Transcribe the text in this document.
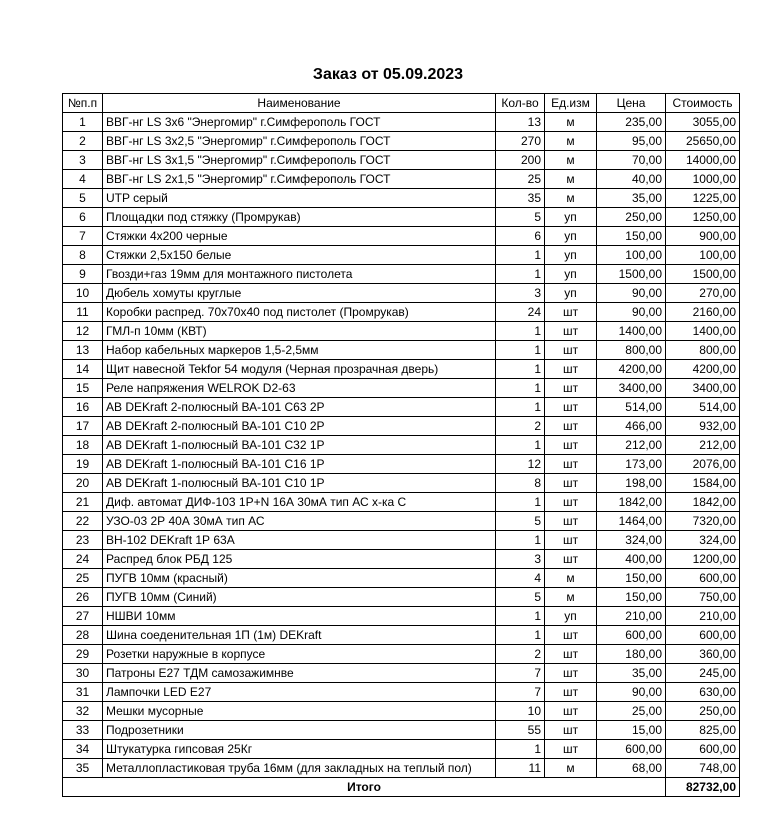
Заказ от 05.09.2023
№п.п	Наименование	Кол-во	Ед.изм	Цена	Стоимость
1	ВВГ-нг LS 3х6 "Энергомир" г.Симферополь ГОСТ	13	м	235,00	3055,00
2	ВВГ-нг LS 3х2,5 "Энергомир" г.Симферополь ГОСТ	270	м	95,00	25650,00
3	ВВГ-нг LS 3х1,5 "Энергомир" г.Симферополь ГОСТ	200	м	70,00	14000,00
4	ВВГ-нг LS 2х1,5 "Энергомир" г.Симферополь ГОСТ	25	м	40,00	1000,00
5	UTP серый	35	м	35,00	1225,00
6	Площадки под стяжку (Промрукав)	5	уп	250,00	1250,00
7	Стяжки 4х200 черные	6	уп	150,00	900,00
8	Стяжки 2,5х150 белые	1	уп	100,00	100,00
9	Гвозди+газ 19мм для монтажного пистолета	1	уп	1500,00	1500,00
10	Дюбель хомуты круглые	3	уп	90,00	270,00
11	Коробки распред. 70х70х40 под пистолет (Промрукав)	24	шт	90,00	2160,00
12	ГМЛ-п 10мм (КВТ)	1	шт	1400,00	1400,00
13	Набор кабельных маркеров 1,5-2,5мм	1	шт	800,00	800,00
14	Щит навесной Tekfor 54 модуля (Черная прозрачная дверь)	1	шт	4200,00	4200,00
15	Реле напряжения WELROK D2-63	1	шт	3400,00	3400,00
16	АВ DEKraft 2-полюсный ВА-101 С63 2Р	1	шт	514,00	514,00
17	АВ DEKraft 2-полюсный ВА-101 С10 2Р	2	шт	466,00	932,00
18	АВ DEKraft 1-полюсный ВА-101 С32 1Р	1	шт	212,00	212,00
19	АВ DEKraft 1-полюсный ВА-101 С16 1Р	12	шт	173,00	2076,00
20	АВ DEKraft 1-полюсный ВА-101 С10 1Р	8	шт	198,00	1584,00
21	Диф. автомат ДИФ-103 1Р+N 16А 30мА тип АС х-ка С	1	шт	1842,00	1842,00
22	УЗО-03 2Р 40А 30мА тип АС	5	шт	1464,00	7320,00
23	ВН-102 DEKraft 1Р 63А	1	шт	324,00	324,00
24	Распред блок РБД 125	3	шт	400,00	1200,00
25	ПУГВ 10мм (красный)	4	м	150,00	600,00
26	ПУГВ 10мм (Синий)	5	м	150,00	750,00
27	НШВИ 10мм	1	уп	210,00	210,00
28	Шина соеденительная 1П (1м) DEKraft	1	шт	600,00	600,00
29	Розетки наружные в корпусе	2	шт	180,00	360,00
30	Патроны Е27 ТДМ самозажимнве	7	шт	35,00	245,00
31	Лампочки LED E27	7	шт	90,00	630,00
32	Мешки мусорные	10	шт	25,00	250,00
33	Подрозетники	55	шт	15,00	825,00
34	Штукатурка гипсовая 25Кг	1	шт	600,00	600,00
35	Металлопластиковая труба 16мм (для закладных на теплый пол)	11	м	68,00	748,00
Итого					82732,00
